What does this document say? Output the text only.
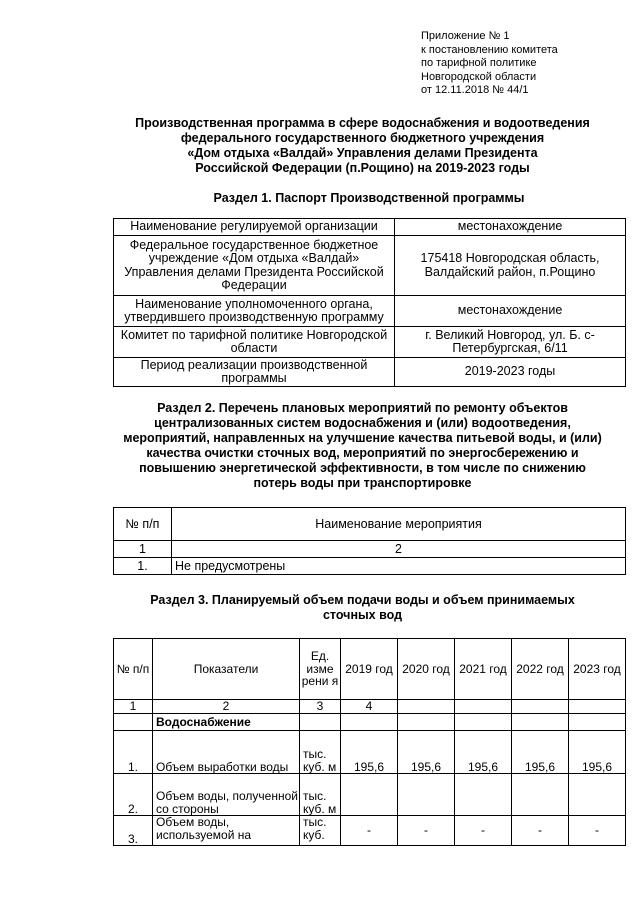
Приложение № 1
к постановлению комитета
по тарифной политике
Новгородской области
от 12.11.2018 № 44/1
Производственная программа в сфере водоснабжения и водоотведения
федерального государственного бюджетного учреждения
«Дом отдыха «Валдай» Управления делами Президента
Российской Федерации (п.Рощино) на 2019-2023 годы
Раздел 1. Паспорт Производственной программы
Наименование регулируемой организации	местонахождение
Федеральное государственное бюджетное учреждение «Дом отдыха «Валдай» Управления делами Президента Российской Федерации	175418 Новгородская область, Валдайский район, п.Рощино
Наименование уполномоченного органа, утвердившего производственную программу	местонахождение
Комитет по тарифной политике Новгородской области	г. Великий Новгород, ул. Б. с-Петербургская, 6/11
Период реализации производственной программы	2019-2023 годы
Раздел 2. Перечень плановых мероприятий по ремонту объектов
централизованных систем водоснабжения и (или) водоотведения,
мероприятий, направленных на улучшение качества питьевой воды, и (или)
качества очистки сточных вод, мероприятий по энергосбережению и
повышению энергетической эффективности, в том числе по снижению
потерь воды при транспортировке
№ п/п	Наименование мероприятия
1	2
1.	Не предусмотрены
Раздел 3. Планируемый объем подачи воды и объем принимаемых
сточных вод
№ п/п	Показатели	Ед. изме рени я	2019 год	2020 год	2021 год	2022 год	2023 год
1	2	3	4				
	Водоснабжение						
1.	Объем выработки воды	тыс. куб. м	195,6	195,6	195,6	195,6	195,6
2.	Объем воды, полученной со стороны	тыс. куб. м					
3.	Объем воды, используемой на	тыс. куб.	-	-	-	-	-
